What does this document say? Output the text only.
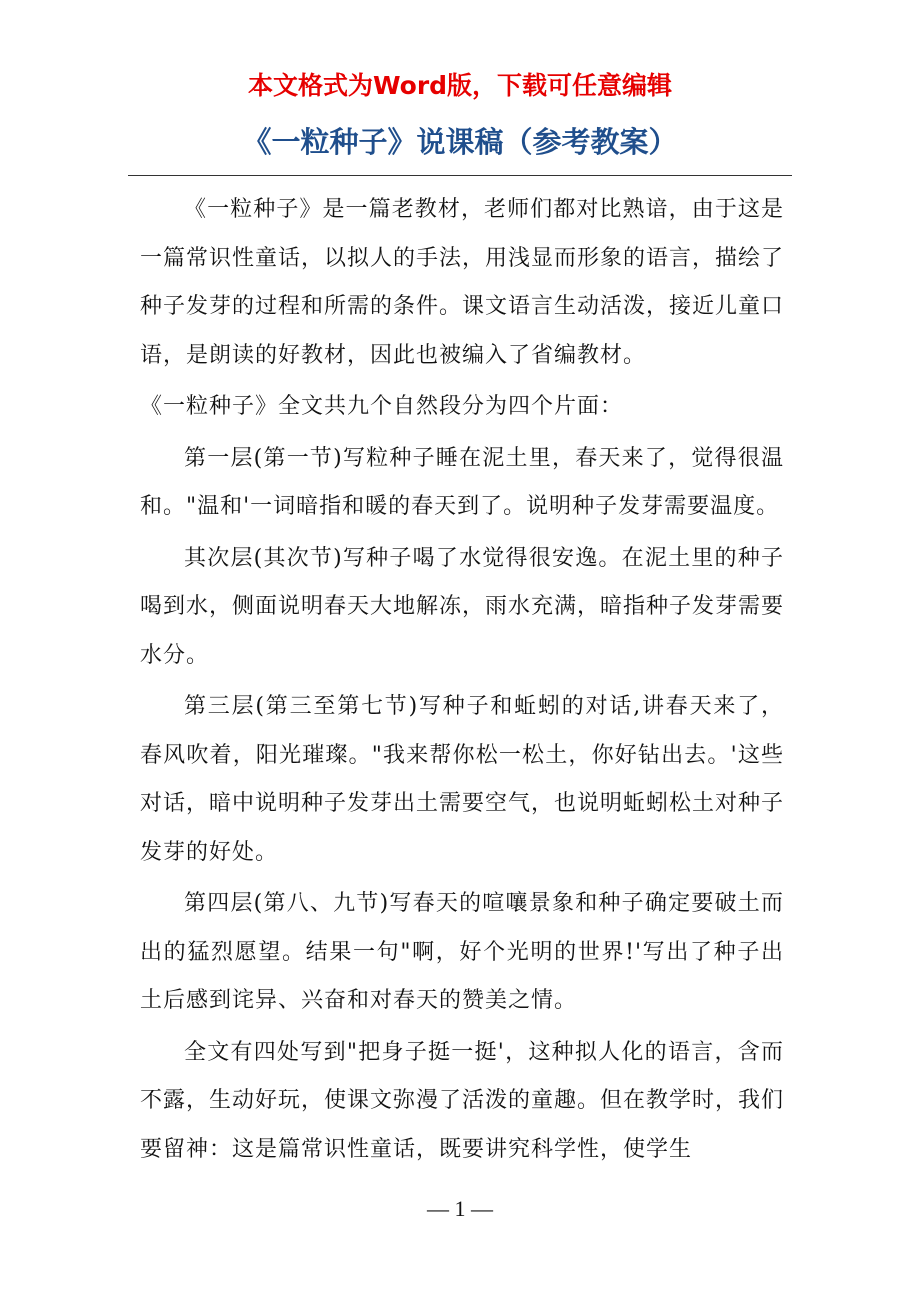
本文格式为Word版，下载可任意编辑
《一粒种子》说课稿（参考教案）

《一粒种子》是一篇老教材，老师们都对比熟谙，由于这是一篇常识性童话，以拟人的手法，用浅显而形象的语言，描绘了种子发芽的过程和所需的条件。课文语言生动活泼，接近儿童口语，是朗读的好教材，因此也被编入了省编教材。

《一粒种子》全文共九个自然段分为四个片面：

第一层(第一节)写粒种子睡在泥土里，春天来了，觉得很温和。"温和'一词暗指和暖的春天到了。说明种子发芽需要温度。

其次层(其次节)写种子喝了水觉得很安逸。在泥土里的种子喝到水，侧面说明春天大地解冻，雨水充满，暗指种子发芽需要水分。

第三层(第三至第七节)写种子和蚯蚓的对话,讲春天来了，春风吹着，阳光璀璨。"我来帮你松一松土，你好钻出去。'这些对话，暗中说明种子发芽出土需要空气，也说明蚯蚓松土对种子发芽的好处。

第四层(第八、九节)写春天的喧嚷景象和种子确定要破土而出的猛烈愿望。结果一句"啊，好个光明的世界!'写出了种子出土后感到诧异、兴奋和对春天的赞美之情。

全文有四处写到"把身子挺一挺'，这种拟人化的语言，含而不露，生动好玩，使课文弥漫了活泼的童趣。但在教学时，我们要留神：这是篇常识性童话，既要讲究科学性，使学生

— 1 —
